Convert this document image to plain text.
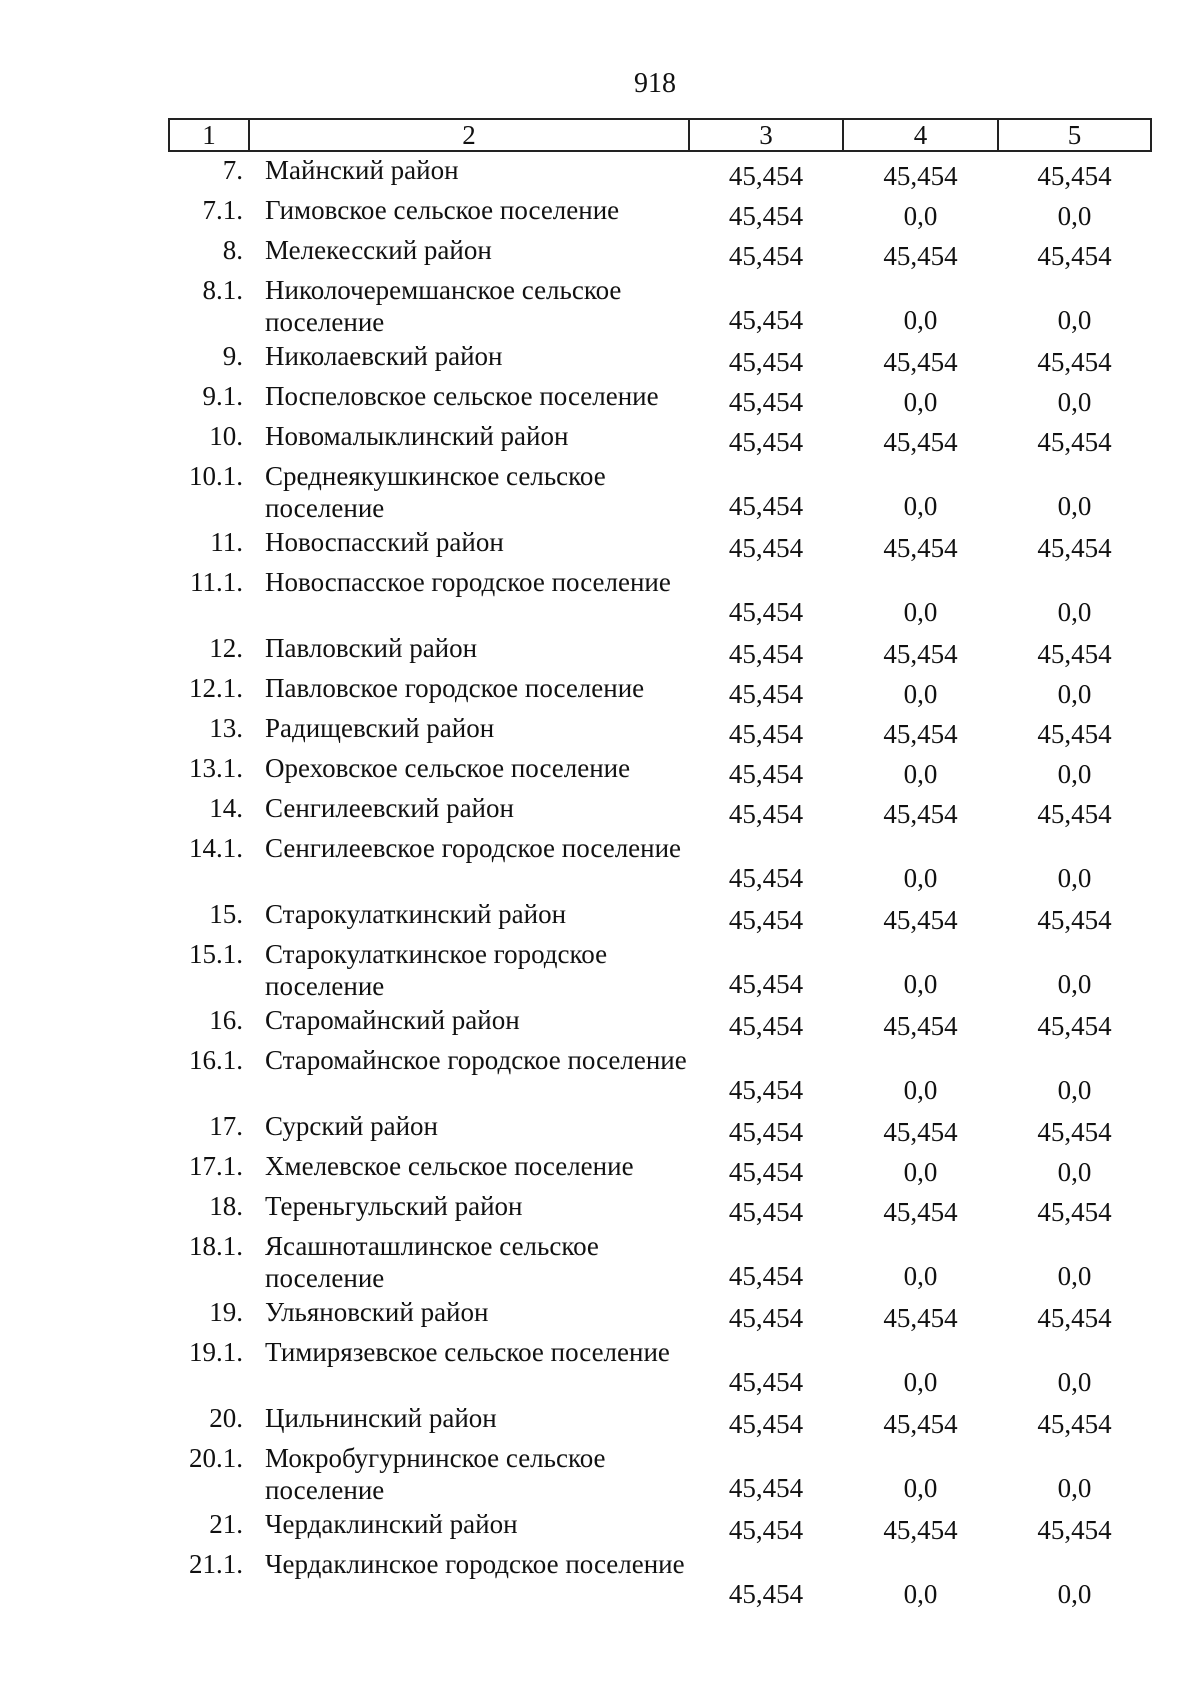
918
1	2	3	4	5
7.	Майнский район	45,454	45,454	45,454
7.1.	Гимовское сельское поселение	45,454	0,0	0,0
8.	Мелекесский район	45,454	45,454	45,454
8.1.	Николочеремшанское сельское поселение	45,454	0,0	0,0
9.	Николаевский район	45,454	45,454	45,454
9.1.	Поспеловское сельское поселение	45,454	0,0	0,0
10.	Новомалыклинский район	45,454	45,454	45,454
10.1.	Среднеякушкинское сельское поселение	45,454	0,0	0,0
11.	Новоспасский район	45,454	45,454	45,454
11.1.	Новоспасское городское поселение	45,454	0,0	0,0
12.	Павловский район	45,454	45,454	45,454
12.1.	Павловское городское поселение	45,454	0,0	0,0
13.	Радищевский район	45,454	45,454	45,454
13.1.	Ореховское сельское поселение	45,454	0,0	0,0
14.	Сенгилеевский район	45,454	45,454	45,454
14.1.	Сенгилеевское городское поселение	45,454	0,0	0,0
15.	Старокулаткинский район	45,454	45,454	45,454
15.1.	Старокулаткинское городское поселение	45,454	0,0	0,0
16.	Старомайнский район	45,454	45,454	45,454
16.1.	Старомайнское городское поселение	45,454	0,0	0,0
17.	Сурский район	45,454	45,454	45,454
17.1.	Хмелевское сельское поселение	45,454	0,0	0,0
18.	Тереньгульский район	45,454	45,454	45,454
18.1.	Ясашноташлинское сельское поселение	45,454	0,0	0,0
19.	Ульяновский район	45,454	45,454	45,454
19.1.	Тимирязевское сельское поселение	45,454	0,0	0,0
20.	Цильнинский район	45,454	45,454	45,454
20.1.	Мокробугурнинское сельское поселение	45,454	0,0	0,0
21.	Чердаклинский район	45,454	45,454	45,454
21.1.	Чердаклинское городское поселение	45,454	0,0	0,0
